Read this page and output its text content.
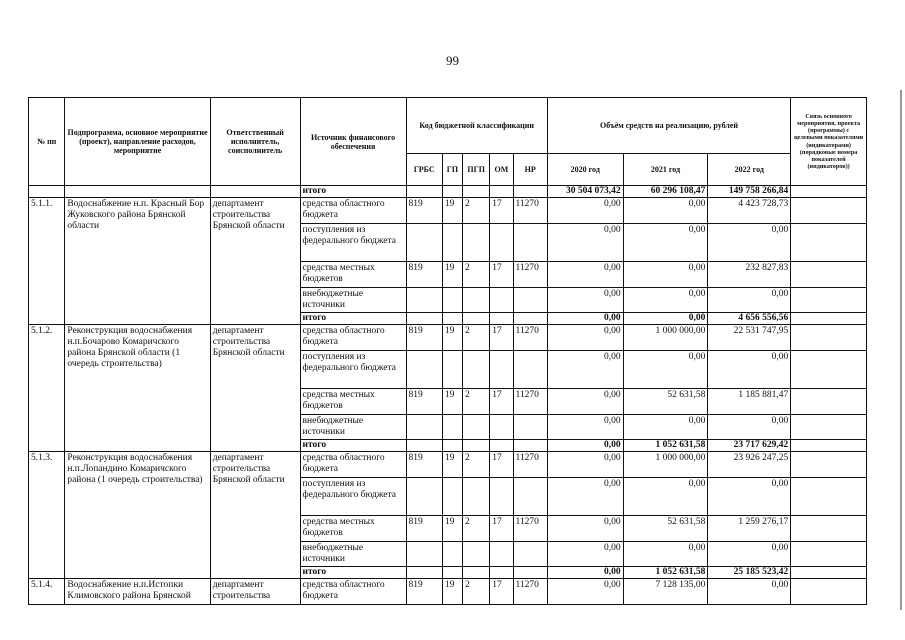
99
№ пп	Подпрограмма, основное мероприятие (проект), направление расходов, мероприятие	Ответственный исполнитель, соисполнитель	Источник финансового обеспечения	Код бюджетной классификации					Объём средств на реализацию, рублей			Связь основного мероприятия, проекта (программы) с целевыми показателями (индикаторами) (порядковые номера показателей (индикаторов))
				ГРБС	ГП	ПГП	ОМ	НР	2020 год	2021 год	2022 год	
			итого						30 504 073,42	60 296 108,47	149 758 266,84	
5.1.1.	Водоснабжение н.п. Красный Бор Жуковского района Брянской области	департамент строительства Брянской области	средства областного бюджета	819	19	2	17	11270	0,00	0,00	4 423 728,73	
			поступления из федерального бюджета						0,00	0,00	0,00	
			средства местных бюджетов	819	19	2	17	11270	0,00	0,00	232 827,83	
			внебюджетные источники						0,00	0,00	0,00	
			итого						0,00	0,00	4 656 556,56	
5.1.2.	Реконструкция водоснабжения н.п.Бочарово Комаричского района Брянской области (1 очередь строительства)	департамент строительства Брянской области	средства областного бюджета	819	19	2	17	11270	0,00	1 000 000,00	22 531 747,95	
			поступления из федерального бюджета						0,00	0,00	0,00	
			средства местных бюджетов	819	19	2	17	11270	0,00	52 631,58	1 185 881,47	
			внебюджетные источники						0,00	0,00	0,00	
			итого						0,00	1 052 631,58	23 717 629,42	
5.1.3.	Реконструкция водоснабжения н.п.Лопандино Комаричского района (1 очередь строительства)	департамент строительства Брянской области	средства областного бюджета	819	19	2	17	11270	0,00	1 000 000,00	23 926 247,25	
			поступления из федерального бюджета						0,00	0,00	0,00	
			средства местных бюджетов	819	19	2	17	11270	0,00	52 631,58	1 259 276,17	
			внебюджетные источники						0,00	0,00	0,00	
			итого						0,00	1 052 631,58	25 185 523,42	
5.1.4.	Водоснабжение н.п.Истопки Климовского района Брянской	департамент строительства	средства областного бюджета	819	19	2	17	11270	0,00	7 128 135,00	0,00	
